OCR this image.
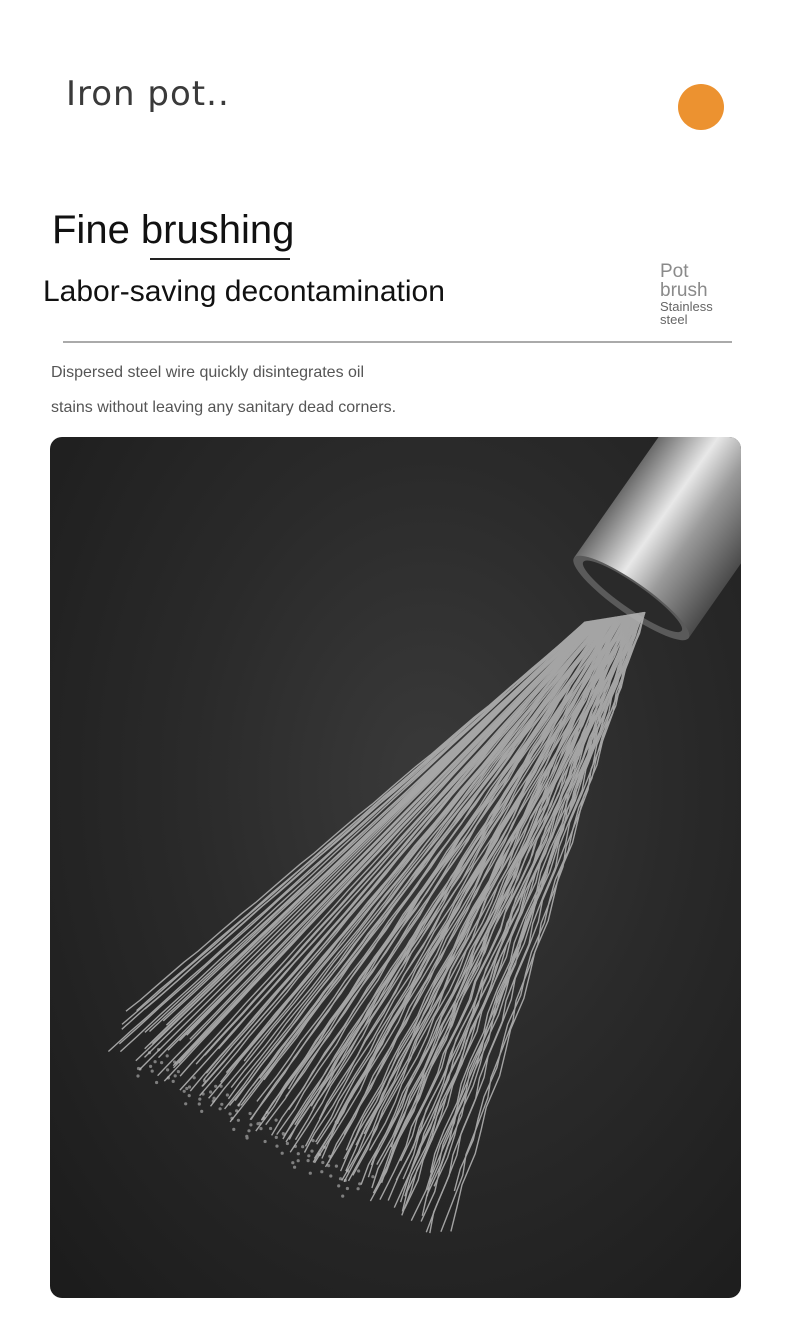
Iron pot..
Fine brushing
Labor-saving decontamination
Pot
brush
Stainless
steel
Dispersed steel wire quickly disintegrates oil
stains without leaving any sanitary dead corners.
